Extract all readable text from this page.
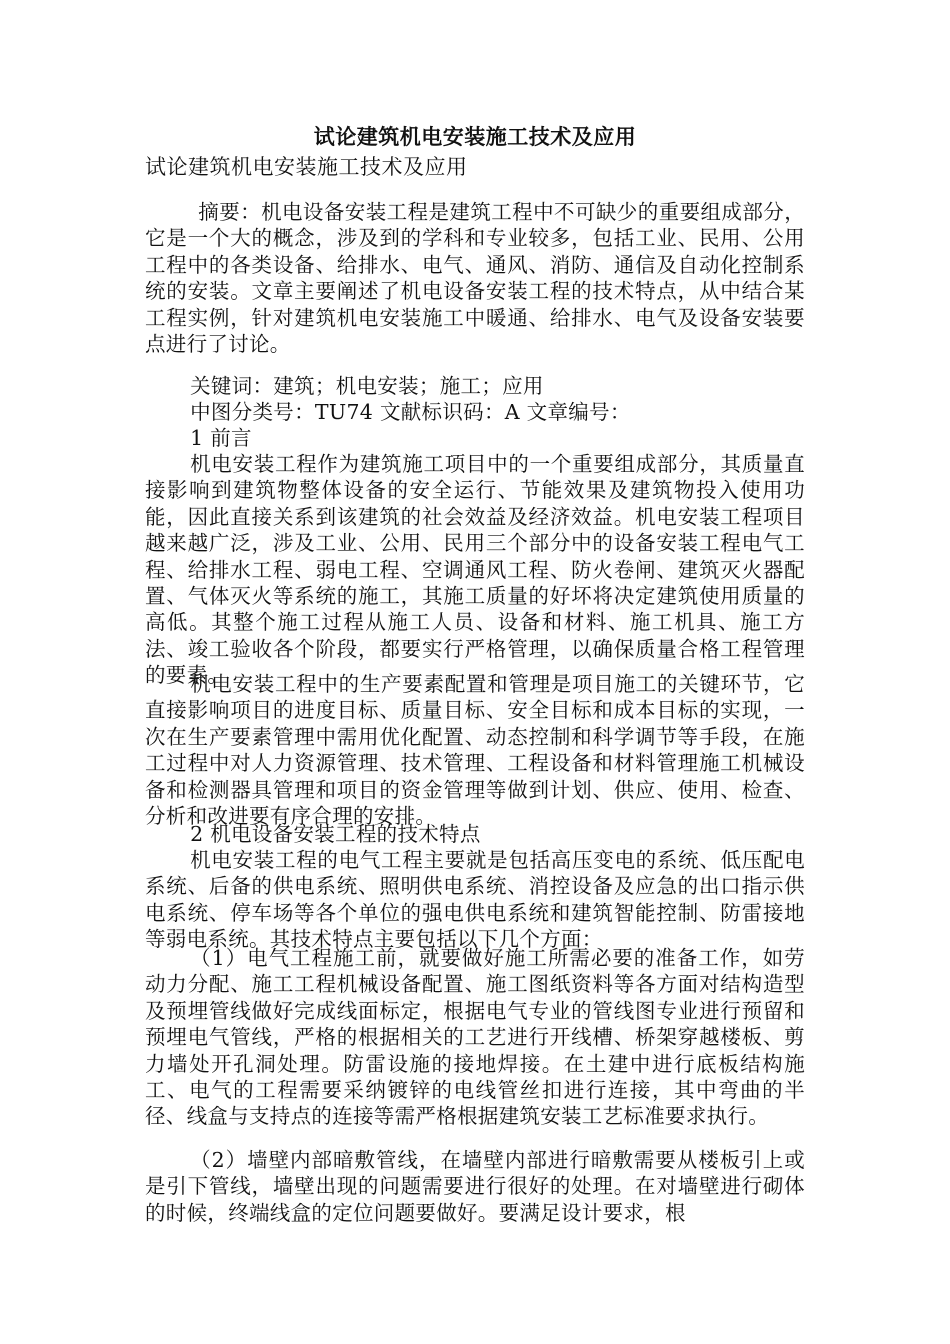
试论建筑机电安装施工技术及应用
试论建筑机电安装施工技术及应用
摘要：机电设备安装工程是建筑工程中不可缺少的重要组成部分，它是一个大的概念，涉及到的学科和专业较多，包括工业、民用、公用工程中的各类设备、给排水、电气、通风、消防、通信及自动化控制系统的安装。文章主要阐述了机电设备安装工程的技术特点，从中结合某工程实例，针对建筑机电安装施工中暖通、给排水、电气及设备安装要点进行了讨论。
关键词：建筑；机电安装；施工；应用
中图分类号：TU74 文献标识码：A 文章编号：
1 前言
机电安装工程作为建筑施工项目中的一个重要组成部分，其质量直接影响到建筑物整体设备的安全运行、节能效果及建筑物投入使用功能，因此直接关系到该建筑的社会效益及经济效益。机电安装工程项目越来越广泛，涉及工业、公用、民用三个部分中的设备安装工程电气工程、给排水工程、弱电工程、空调通风工程、防火卷闸、建筑灭火器配置、气体灭火等系统的施工，其施工质量的好坏将决定建筑使用质量的高低。其整个施工过程从施工人员、设备和材料、施工机具、施工方法、竣工验收各个阶段，都要实行严格管理，以确保质量合格工程管理的要素。
机电安装工程中的生产要素配置和管理是项目施工的关键环节，它直接影响项目的进度目标、质量目标、安全目标和成本目标的实现，一次在生产要素管理中需用优化配置、动态控制和科学调节等手段，在施工过程中对人力资源管理、技术管理、工程设备和材料管理施工机械设备和检测器具管理和项目的资金管理等做到计划、供应、使用、检查、分析和改进要有序合理的安排。
2 机电设备安装工程的技术特点
机电安装工程的电气工程主要就是包括高压变电的系统、低压配电系统、后备的供电系统、照明供电系统、消控设备及应急的出口指示供电系统、停车场等各个单位的强电供电系统和建筑智能控制、防雷接地等弱电系统。其技术特点主要包括以下几个方面：
（1）电气工程施工前，就要做好施工所需必要的准备工作，如劳动力分配、施工工程机械设备配置、施工图纸资料等各方面对结构造型及预埋管线做好完成线面标定，根据电气专业的管线图专业进行预留和预埋电气管线，严格的根据相关的工艺进行开线槽、桥架穿越楼板、剪力墙处开孔洞处理。防雷设施的接地焊接。在土建中进行底板结构施工、电气的工程需要采纳镀锌的电线管丝扣进行连接，其中弯曲的半径、线盒与支持点的连接等需严格根据建筑安装工艺标准要求执行。
（2）墙壁内部暗敷管线，在墙壁内部进行暗敷需要从楼板引上或是引下管线，墙壁出现的问题需要进行很好的处理。在对墙壁进行砌体的时候，终端线盒的定位问题要做好。要满足设计要求，根
